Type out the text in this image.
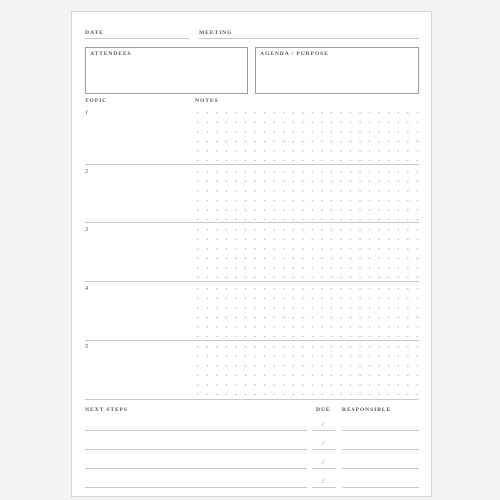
DATE	MEETING
ATTENDEES	AGENDA / PURPOSE
TOPIC	NOTES
1
2
3
4
5
NEXT STEPS	DUE RESPONSIBLE
/
/
/
/
